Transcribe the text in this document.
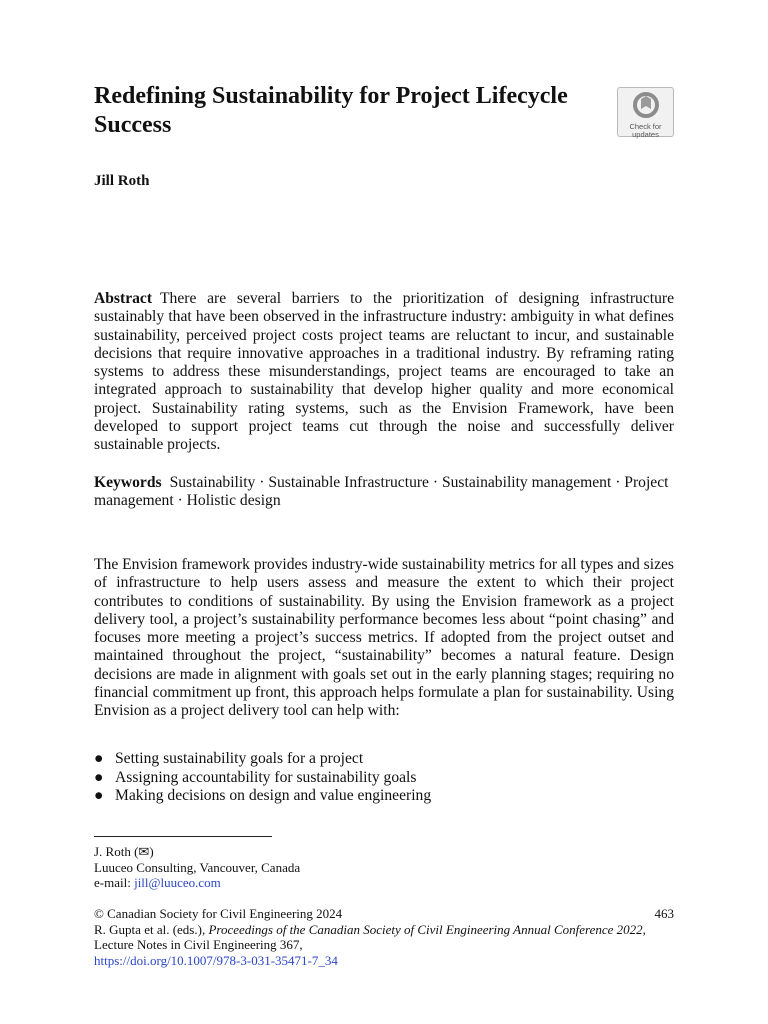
Redefining Sustainability for Project Lifecycle Success	Check for
updates
Jill Roth

Abstract There are several barriers to the prioritization of designing infrastructure sustainably that have been observed in the infrastructure industry: ambiguity in what defines sustainability, perceived project costs project teams are reluctant to incur, and sustainable decisions that require innovative approaches in a traditional industry. By reframing rating systems to address these misunderstandings, project teams are encouraged to take an integrated approach to sustainability that develop higher quality and more economical project. Sustainability rating systems, such as the Envision Framework, have been developed to support project teams cut through the noise and successfully deliver sustainable projects.

Keywords Sustainability · Sustainable Infrastructure · Sustainability management · Project management · Holistic design

The Envision framework provides industry-wide sustainability metrics for all types and sizes of infrastructure to help users assess and measure the extent to which their project contributes to conditions of sustainability. By using the Envision framework as a project delivery tool, a project’s sustainability performance becomes less about “point chasing” and focuses more meeting a project’s success metrics. If adopted from the project outset and maintained throughout the project, “sustainability” becomes a natural feature. Design decisions are made in alignment with goals set out in the early planning stages; requiring no financial commitment up front, this approach helps formulate a plan for sustainability. Using Envision as a project delivery tool can help with:

● Setting sustainability goals for a project
● Assigning accountability for sustainability goals
● Making decisions on design and value engineering
J. Roth (✉)
Luuceo Consulting, Vancouver, Canada
e-mail: jill@luuceo.com
© Canadian Society for Civil Engineering 2024
R. Gupta et al. (eds.), Proceedings of the Canadian Society of Civil Engineering Annual Conference 2022, Lecture Notes in Civil Engineering 367,
https://doi.org/10.1007/978-3-031-35471-7_34
463
